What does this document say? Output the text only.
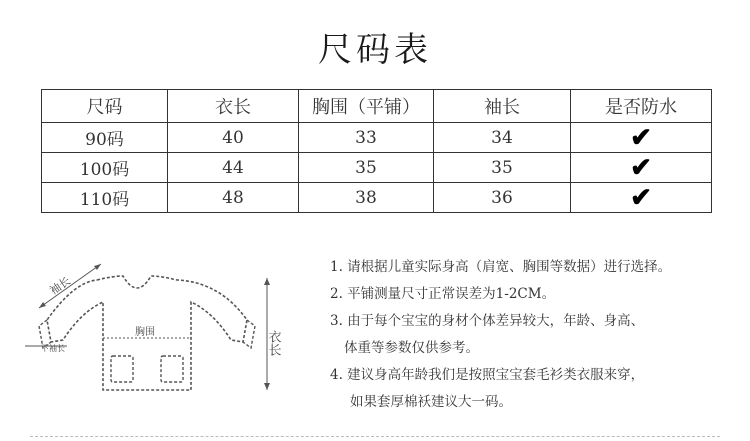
尺码表
尺码	衣长	胸围（平铺）	袖长	是否防水
90码	40	33	34	✔
100码	44	35	35	✔
110码	48	38	36	✔
袖长
下袖长
胸围	衣长
1. 请根据儿童实际身高（肩宽、胸围等数据）进行选择。
2. 平铺测量尺寸正常误差为1-2CM。
3. 由于每个宝宝的身材个体差异较大，年龄、身高、
体重等参数仅供参考。
4. 建议身高年龄我们是按照宝宝套毛衫类衣服来穿，
如果套厚棉袄建议大一码。
